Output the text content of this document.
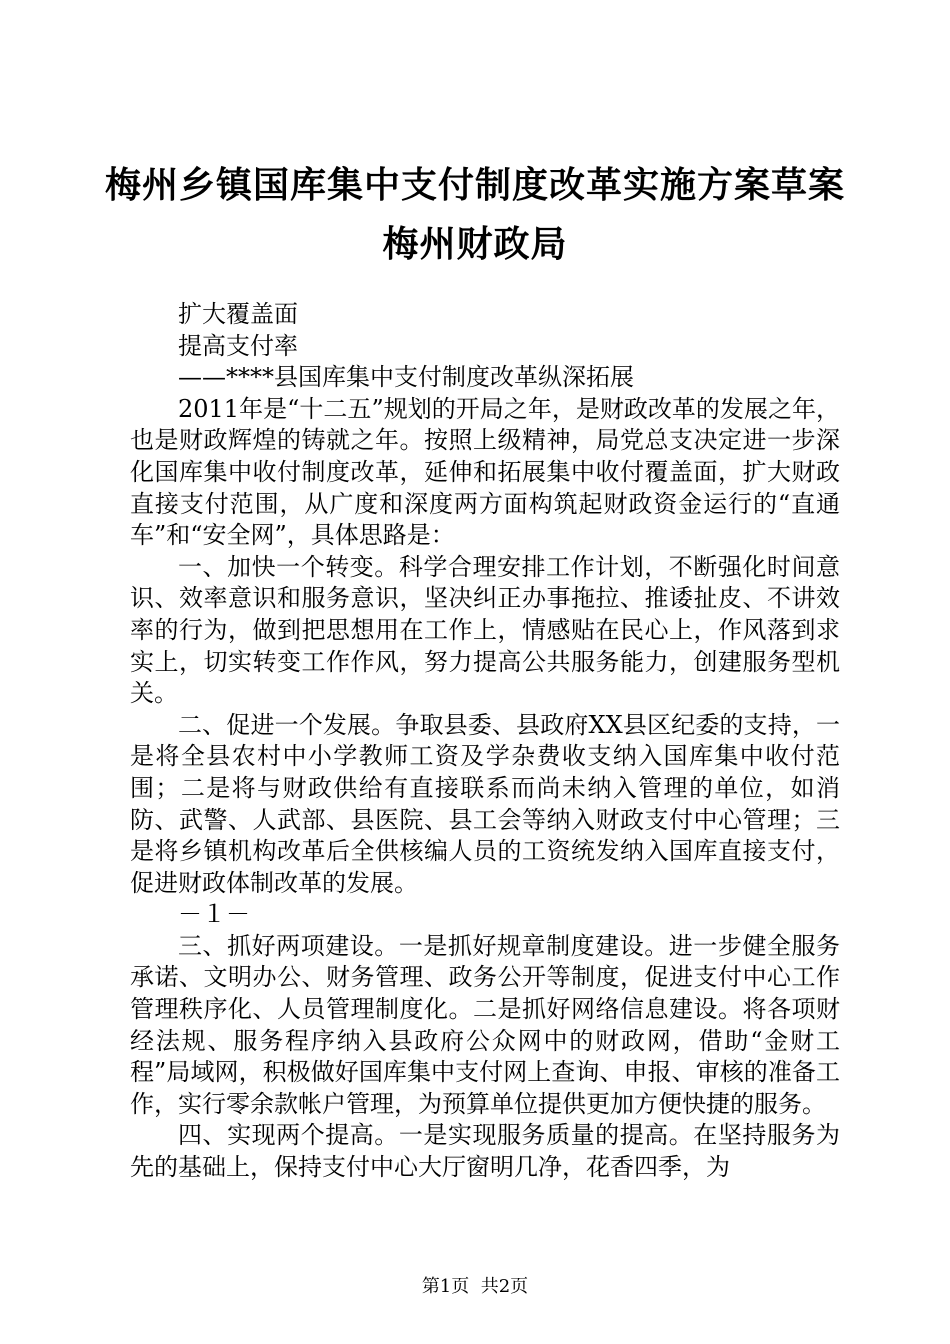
梅州乡镇国库集中支付制度改革实施方案草案
梅州财政局

扩大覆盖面

提高支付率

——****县国库集中支付制度改革纵深拓展

2011年是“十二五”规划的开局之年，是财政改革的发展之年，也是财政辉煌的铸就之年。按照上级精神，局党总支决定进一步深化国库集中收付制度改革，延伸和拓展集中收付覆盖面，扩大财政直接支付范围，从广度和深度两方面构筑起财政资金运行的“直通车”和“安全网”，具体思路是：

一、加快一个转变。科学合理安排工作计划，不断强化时间意识、效率意识和服务意识，坚决纠正办事拖拉、推诿扯皮、不讲效率的行为，做到把思想用在工作上，情感贴在民心上，作风落到求实上，切实转变工作作风，努力提高公共服务能力，创建服务型机关。

二、促进一个发展。争取县委、县政府XX县区纪委的支持，一是将全县农村中小学教师工资及学杂费收支纳入国库集中收付范围；二是将与财政供给有直接联系而尚未纳入管理的单位，如消防、武警、人武部、县医院、县工会等纳入财政支付中心管理；三是将乡镇机构改革后全供核编人员的工资统发纳入国库直接支付，促进财政体制改革的发展。

－１－

三、抓好两项建设。一是抓好规章制度建设。进一步健全服务承诺、文明办公、财务管理、政务公开等制度，促进支付中心工作管理秩序化、人员管理制度化。二是抓好网络信息建设。将各项财经法规、服务程序纳入县政府公众网中的财政网，借助“金财工程”局域网，积极做好国库集中支付网上查询、申报、审核的准备工作，实行零余款帐户管理，为预算单位提供更加方便快捷的服务。

四、实现两个提高。一是实现服务质量的提高。在坚持服务为先的基础上，保持支付中心大厅窗明几净，花香四季，为

第1页 共2页
